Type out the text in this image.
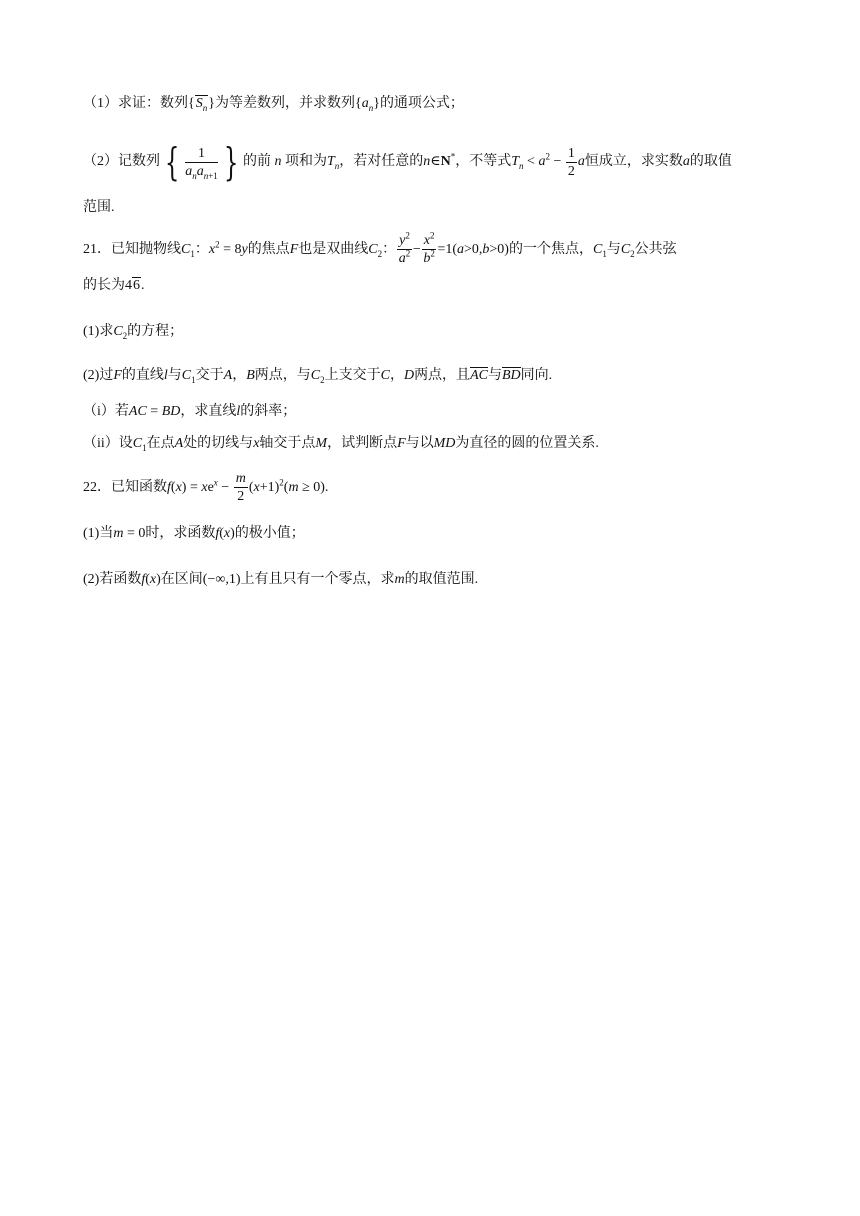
（1）求证：数列$\{S_n\}$为等差数列，并求数列$\{a_n\}$的通项公式；
（2）记数列 { $\frac{1}{a_na_{n+1}}$ } 的前 n 项和为$T_n$，若对任意的n∈N*，不等式$T_n < a^2 - \frac{1}{2}$ a恒成立，求实数a的取值
范围.
21．已知抛物线$C_1$：$x^2 = 8y$的焦点F也是双曲线$C_2$： $\frac{y^2}{a^2} - \frac{x^2}{b^2} =1(a>0,b>0)$的一个焦点，$C_1$与$C_2$公共弦
的长为46.
(1)求$C_2$的方程；
(2)过F的直线l与$C_1$交于A，B两点，与$C_2$上支交于C，D两点，且AC与BD同向.
（i）若AC = BD，求直线l的斜率；
（ii）设$C_1$在点A处的切线与x轴交于点M，试判断点F与以MD为直径的圆的位置关系.
22．已知函数$f(x) = xe^x - \frac{m}{2} (x+1)^2(m \ge 0)$.
(1)当m = 0时，求函数f(x)的极小值；
(2)若函数f(x)在区间(−∞,1)上有且只有一个零点，求m的取值范围.
